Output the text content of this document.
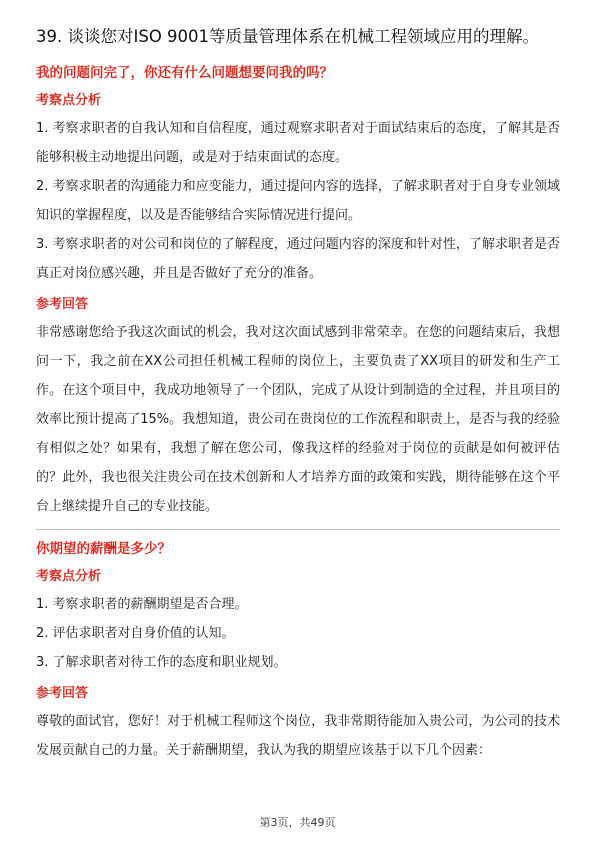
39. 谈谈您对ISO 9001等质量管理体系在机械工程领域应用的理解。
我的问题问完了，你还有什么问题想要问我的吗？
考察点分析

1. 考察求职者的自我认知和自信程度，通过观察求职者对于面试结束后的态度，了解其是否能够积极主动地提出问题，或是对于结束面试的态度。

2. 考察求职者的沟通能力和应变能力，通过提问内容的选择，了解求职者对于自身专业领域知识的掌握程度，以及是否能够结合实际情况进行提问。

3. 考察求职者的对公司和岗位的了解程度，通过问题内容的深度和针对性，了解求职者是否真正对岗位感兴趣，并且是否做好了充分的准备。

参考回答

非常感谢您给予我这次面试的机会，我对这次面试感到非常荣幸。在您的问题结束后，我想问一下，我之前在XX公司担任机械工程师的岗位上，主要负责了XX项目的研发和生产工作。在这个项目中，我成功地领导了一个团队，完成了从设计到制造的全过程，并且项目的效率比预计提高了15%。我想知道，贵公司在贵岗位的工作流程和职责上，是否与我的经验有相似之处？如果有，我想了解在您公司，像我这样的经验对于岗位的贡献是如何被评估的？此外，我也很关注贵公司在技术创新和人才培养方面的政策和实践，期待能够在这个平台上继续提升自己的专业技能。

你期望的薪酬是多少？
考察点分析

1. 考察求职者的薪酬期望是否合理。

2. 评估求职者对自身价值的认知。

3. 了解求职者对待工作的态度和职业规划。

参考回答

尊敬的面试官，您好！对于机械工程师这个岗位，我非常期待能加入贵公司，为公司的技术发展贡献自己的力量。关于薪酬期望，我认为我的期望应该基于以下几个因素：

第3页，共49页
